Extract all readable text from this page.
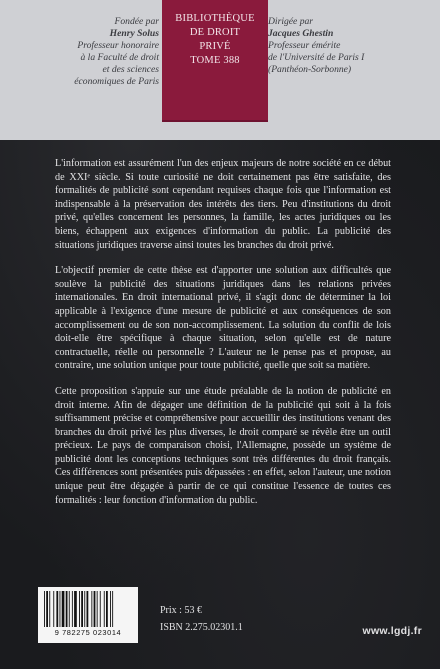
Fondée par
Henry Solus
Professeur honoraire
à la Faculté de droit
et des sciences
économiques de Paris
BIBLIOTHÈQUE
DE DROIT
PRIVÉ
TOME 388
Dirigée par
Jacques Ghestin
Professeur émérite
de l'Université de Paris I
(Panthéon-Sorbonne)

L'information est assurément l'un des enjeux majeurs de notre société en ce début de XXIᵉ siècle. Si toute curiosité ne doit certainement pas être satisfaite, des formalités de publicité sont cependant requises chaque fois que l'information est indispensable à la préservation des intérêts des tiers. Peu d'institutions du droit privé, qu'elles concernent les personnes, la famille, les actes juridiques ou les biens, échappent aux exigences d'information du public. La publicité des situations juridiques traverse ainsi toutes les branches du droit privé.

L'objectif premier de cette thèse est d'apporter une solution aux difficultés que soulève la publicité des situations juridiques dans les relations privées internationales. En droit international privé, il s'agit donc de déterminer la loi applicable à l'exigence d'une mesure de publicité et aux conséquences de son accomplissement ou de son non-accomplissement. La solution du conflit de lois doit-elle être spécifique à chaque situation, selon qu'elle est de nature contractuelle, réelle ou personnelle ? L'auteur ne le pense pas et propose, au contraire, une solution unique pour toute publicité, quelle que soit sa matière.

Cette proposition s'appuie sur une étude préalable de la notion de publicité en droit interne. Afin de dégager une définition de la publicité qui soit à la fois suffisamment précise et compréhensive pour accueillir des institutions venant des branches du droit privé les plus diverses, le droit comparé se révèle être un outil précieux. Le pays de comparaison choisi, l'Allemagne, possède un système de publicité dont les conceptions techniques sont très différentes du droit français. Ces différences sont présentées puis dépassées : en effet, selon l'auteur, une notion unique peut être dégagée à partir de ce qui constitue l'essence de toutes ces formalités : leur fonction d'information du public.

9 782275 023014
Prix : 53 €
ISBN 2.275.02301.1	www.lgdj.fr
